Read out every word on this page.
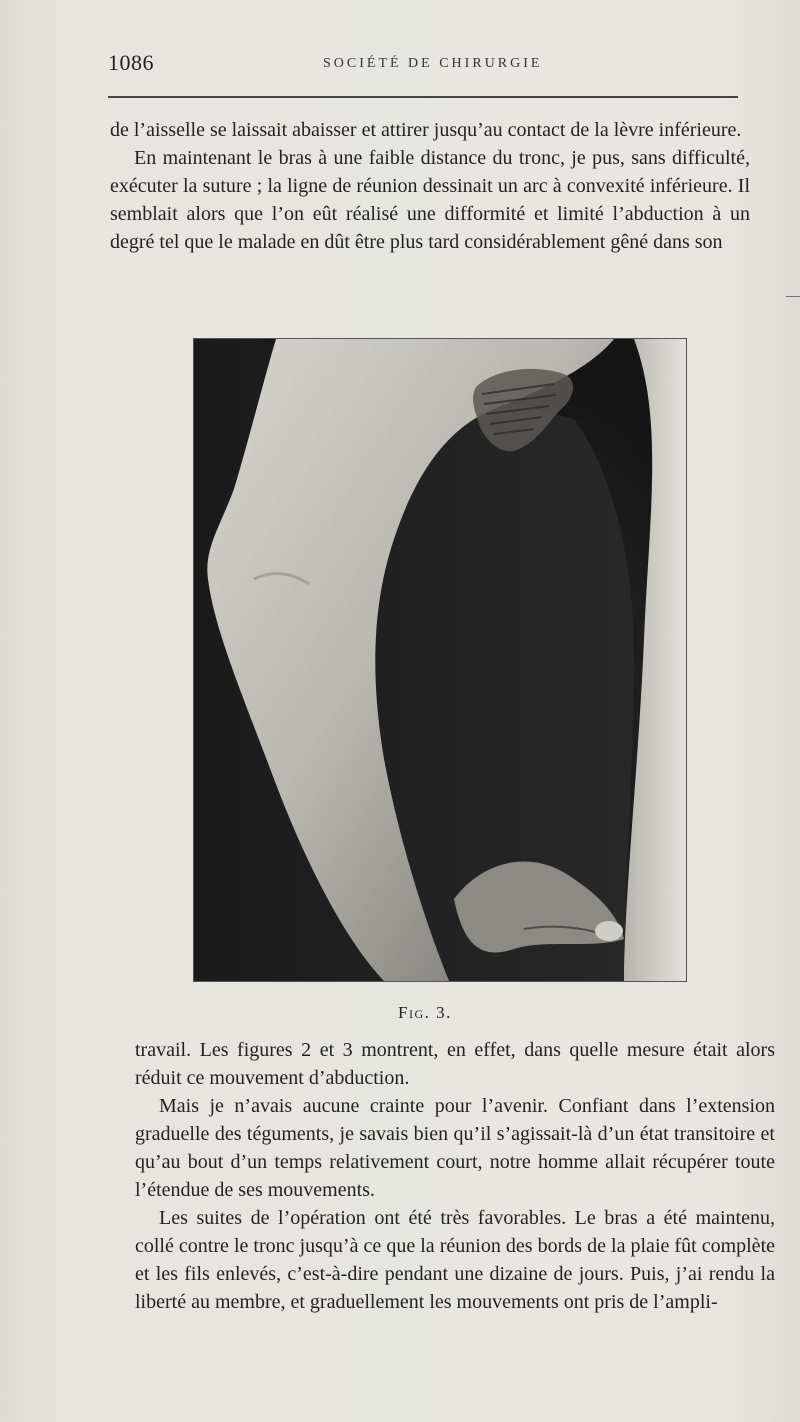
1086	SOCIÉTÉ DE CHIRURGIE

de l’aisselle se laissait abaisser et attirer jusqu’au contact de la lèvre inférieure.

En maintenant le bras à une faible distance du tronc, je pus, sans difficulté, exécuter la suture ; la ligne de réunion dessinait un arc à convexité inférieure. Il semblait alors que l’on eût réalisé une difformité et limité l’abduction à un degré tel que le malade en dût être plus tard considérablement gêné dans son

Fig. 3.

travail. Les figures 2 et 3 montrent, en effet, dans quelle mesure était alors réduit ce mouvement d’abduction.

Mais je n’avais aucune crainte pour l’avenir. Confiant dans l’extension graduelle des téguments, je savais bien qu’il s’agissait-là d’un état transitoire et qu’au bout d’un temps relativement court, notre homme allait récupérer toute l’étendue de ses mouvements.

Les suites de l’opération ont été très favorables. Le bras a été maintenu, collé contre le tronc jusqu’à ce que la réunion des bords de la plaie fût complète et les fils enlevés, c’est-à-dire pendant une dizaine de jours. Puis, j’ai rendu la liberté au membre, et graduellement les mouvements ont pris de l’ampli-
